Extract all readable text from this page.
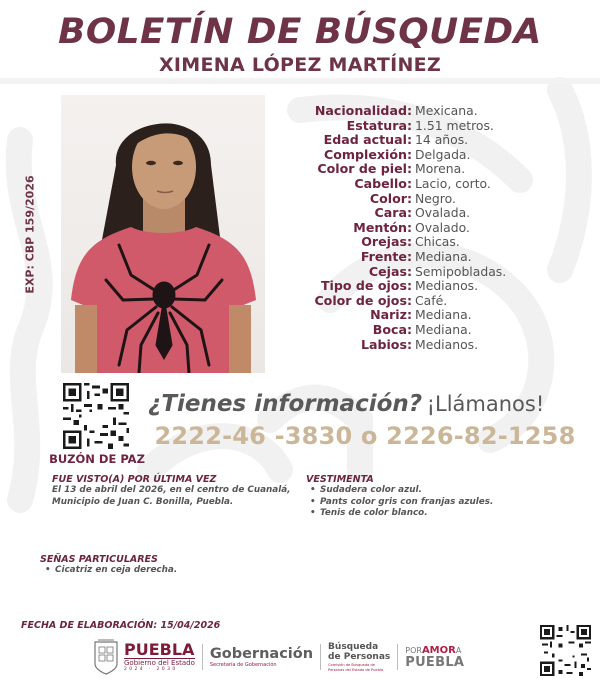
BOLETÍN DE BÚSQUEDA
XIMENA LÓPEZ MARTÍNEZ
EXP: CBP 159/2026
Nacionalidad: Mexicana.
Estatura: 1.51 metros.
Edad actual: 14 años.
Complexión: Delgada.
Color de piel: Morena.
Cabello: Lacio, corto.
Color: Negro.
Cara: Ovalada.
Mentón: Ovalado.
Orejas: Chicas.
Frente: Mediana.
Cejas: Semipobladas.
Tipo de ojos: Medianos.
Color de ojos: Café.
Nariz: Mediana.
Boca: Mediana.
Labios: Medianos.
BUZÓN DE PAZ
¿Tienes información? ¡Llámanos!
2222-46 -3830 o 2226-82-1258
FUE VISTO(A) POR ÚLTIMA VEZ
El 13 de abril del 2026, en el centro de Cuanalá,
Municipio de Juan C. Bonilla, Puebla.
VESTIMENTA
• Sudadera color azul.
• Pants color gris con franjas azules.
• Tenis de color blanco.
SEÑAS PARTICULARES
• Cicatriz en ceja derecha.
FECHA DE ELABORACIÓN: 15/04/2026
PUEBLA
Gobierno del Estado
2024 · 2030
Gobernación
Secretaría de Gobernación
Búsqueda
de Personas
Comisión de Búsqueda de Personas del Estado de Puebla
PORAMORA
PUEBLA
